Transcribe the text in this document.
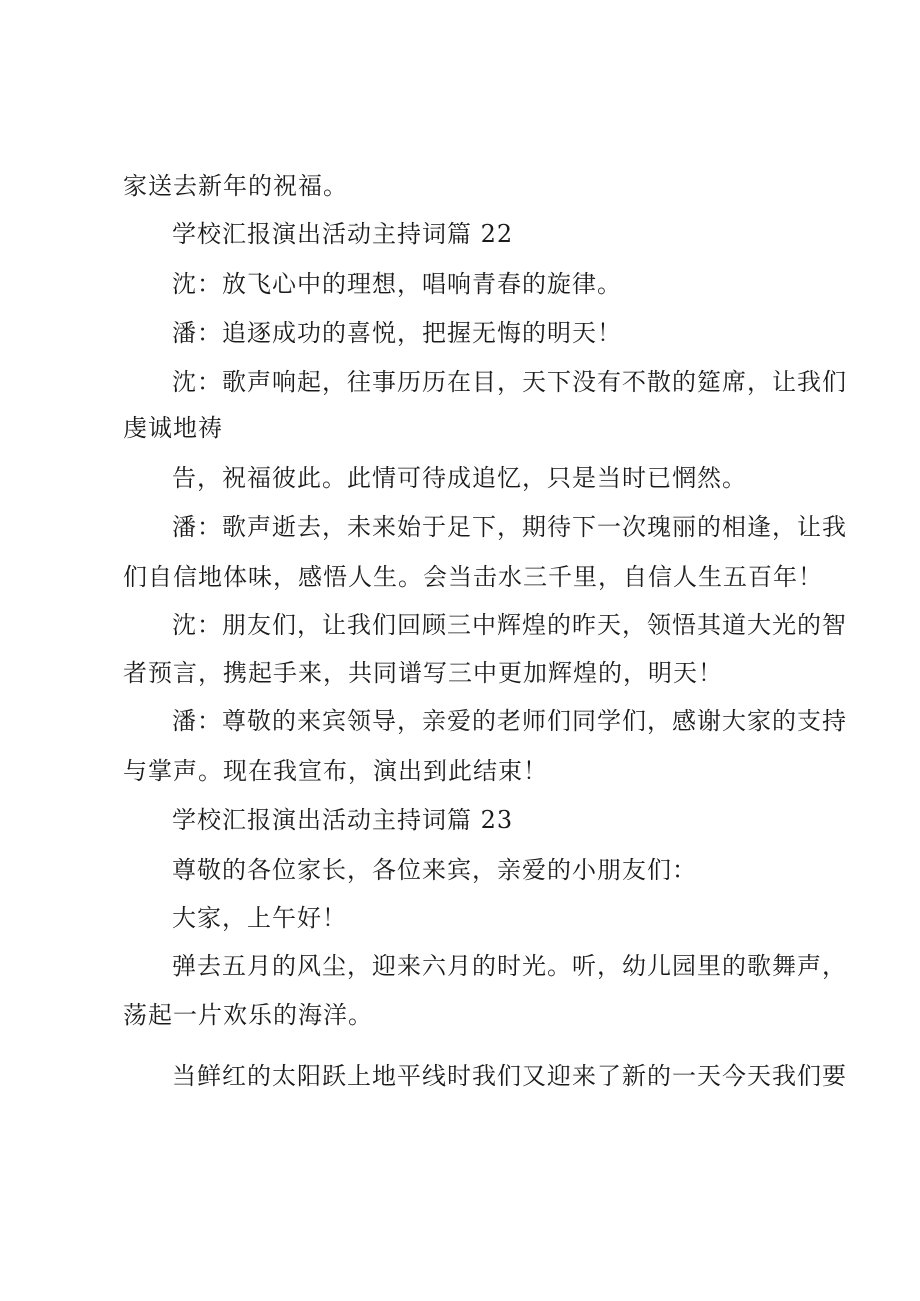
家送去新年的祝福。
学校汇报演出活动主持词篇 22
沈：放飞心中的理想，唱响青春的旋律。
潘：追逐成功的喜悦，把握无悔的明天！
沈：歌声响起，往事历历在目，天下没有不散的筵席，让我们
虔诚地祷
告，祝福彼此。此情可待成追忆，只是当时已惘然。
潘：歌声逝去，未来始于足下，期待下一次瑰丽的相逢，让我
们自信地体味，感悟人生。会当击水三千里，自信人生五百年！
沈：朋友们，让我们回顾三中辉煌的昨天，领悟其道大光的智
者预言，携起手来，共同谱写三中更加辉煌的，明天！
潘：尊敬的来宾领导，亲爱的老师们同学们，感谢大家的支持
与掌声。现在我宣布，演出到此结束！
学校汇报演出活动主持词篇 23
尊敬的各位家长，各位来宾，亲爱的小朋友们：
大家，上午好！
弹去五月的风尘，迎来六月的时光。听，幼儿园里的歌舞声，
荡起一片欢乐的海洋。
当鲜红的太阳跃上地平线时我们又迎来了新的一天今天我们要
